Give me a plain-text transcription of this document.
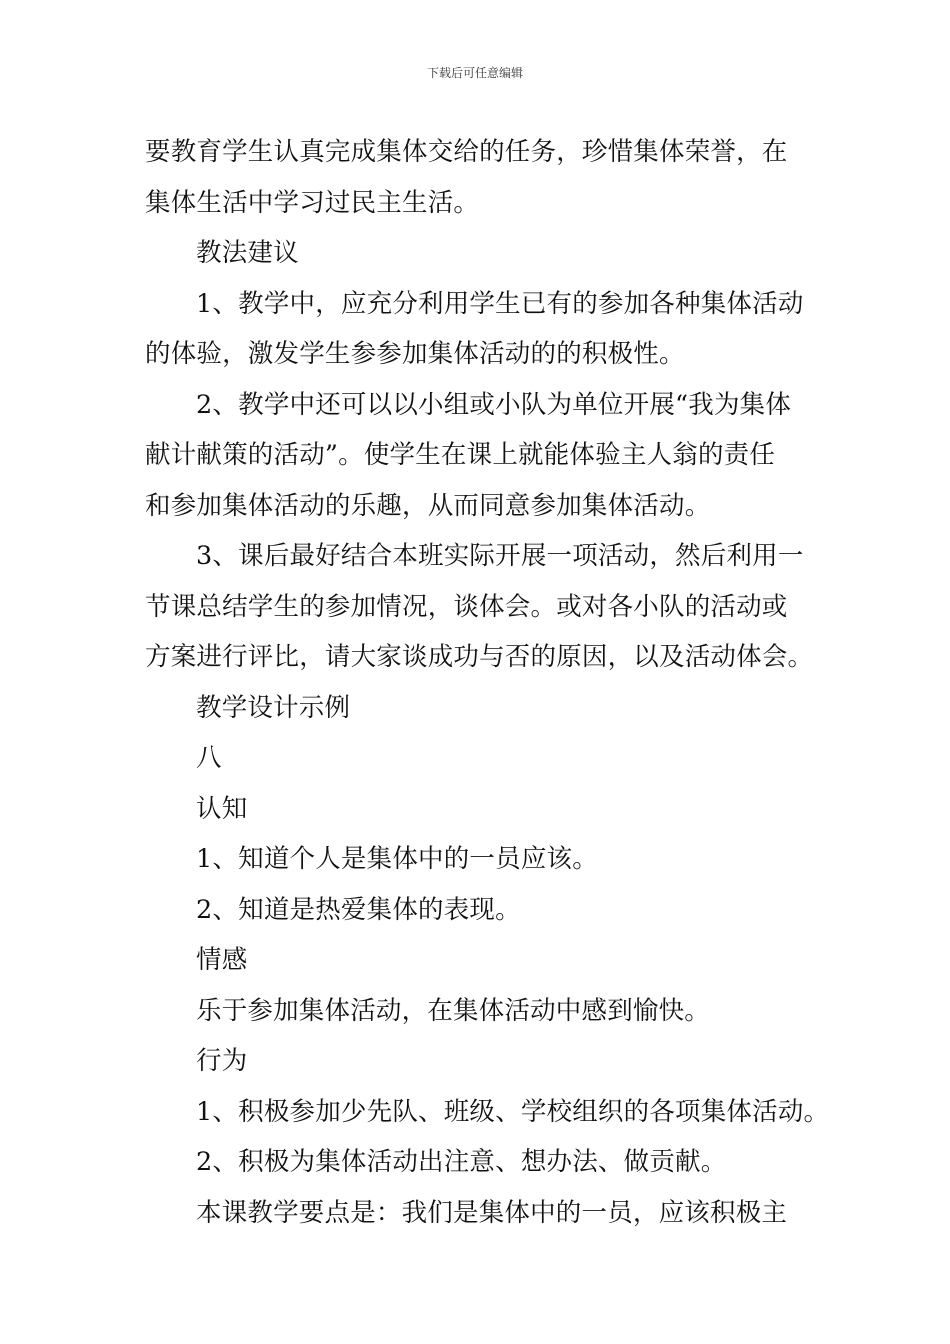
下载后可任意编辑
要教育学生认真完成集体交给的任务，珍惜集体荣誉，在
集体生活中学习过民主生活。
教法建议
1、教学中，应充分利用学生已有的参加各种集体活动
的体验，激发学生参参加集体活动的的积极性。
2、教学中还可以以小组或小队为单位开展“我为集体
献计献策的活动”。使学生在课上就能体验主人翁的责任
和参加集体活动的乐趣，从而同意参加集体活动。
3、课后最好结合本班实际开展一项活动，然后利用一
节课总结学生的参加情况，谈体会。或对各小队的活动或
方案进行评比，请大家谈成功与否的原因，以及活动体会。
教学设计示例
八
认知
1、知道个人是集体中的一员应该。
2、知道是热爱集体的表现。
情感
乐于参加集体活动，在集体活动中感到愉快。
行为
1、积极参加少先队、班级、学校组织的各项集体活动。
2、积极为集体活动出注意、想办法、做贡献。
本课教学要点是：我们是集体中的一员，应该积极主
